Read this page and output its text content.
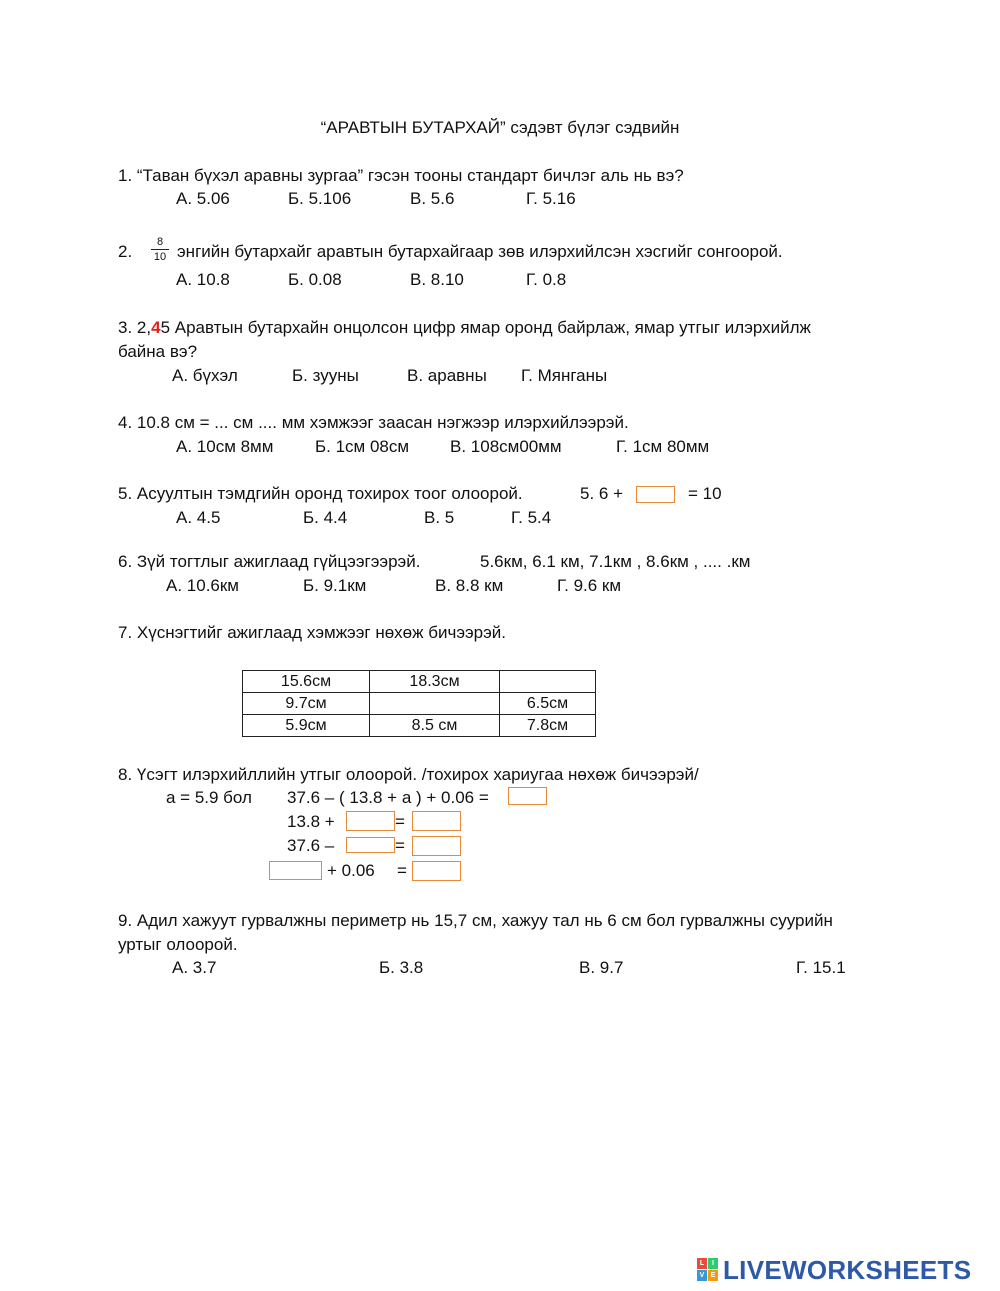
“АРАВТЫН БУТАРХАЙ” сэдэвт бүлэг сэдвийн
1. “Таван бүхэл аравны зургаа” гэсэн тооны стандарт бичлэг аль нь вэ?
А. 5.06	Б. 5.106	В. 5.6	Г. 5.16
2.	8
10 энгийн бутархайг аравтын бутархайгаар зөв илэрхийлсэн хэсгийг сонгоорой.
А. 10.8	Б. 0.08	В. 8.10	Г. 0.8
3. 2,45 Аравтын бутархайн онцолсон цифр ямар оронд байрлаж, ямар утгыг илэрхийлж
байна вэ?
А. бүхэл	Б. зууны	В. аравны Г. Мянганы
4. 10.8 см = ... см .... мм хэмжээг заасан нэгжээр илэрхийлээрэй.
А. 10см 8мм Б. 1см 08см В. 108см00мм	Г. 1см 80мм
5. Асуултын тэмдгийн оронд тохирох тоог олоорой.	5. 6 +	= 10
А. 4.5	Б. 4.4	В. 5	Г. 5.4
6. Зүй тогтлыг ажиглаад гүйцээгээрэй.	5.6км, 6.1 км, 7.1км , 8.6км , .... .км
А. 10.6км	Б. 9.1км	В. 8.8 км	Г. 9.6 км
7. Хүснэгтийг ажиглаад хэмжээг нөхөж бичээрэй.
15.6см	18.3см	
9.7см		6.5см
5.9см	8.5 см	7.8см
8. Үсэгт илэрхийллийн утгыг олоорой. /тохирох хариугаа нөхөж бичээрэй/
a = 5.9 бол 37.6 – ( 13.8 + a ) + 0.06 =
13.8 +	=
37.6 –	=
+ 0.06 =
9. Адил хажуут гурвалжны периметр нь 15,7 см, хажуу тал нь 6 см бол гурвалжны суурийн
уртыг олоорой.
А. 3.7	Б. 3.8	В. 9.7	Г. 15.1
L	I
V E LIVEWORKSHEETS
